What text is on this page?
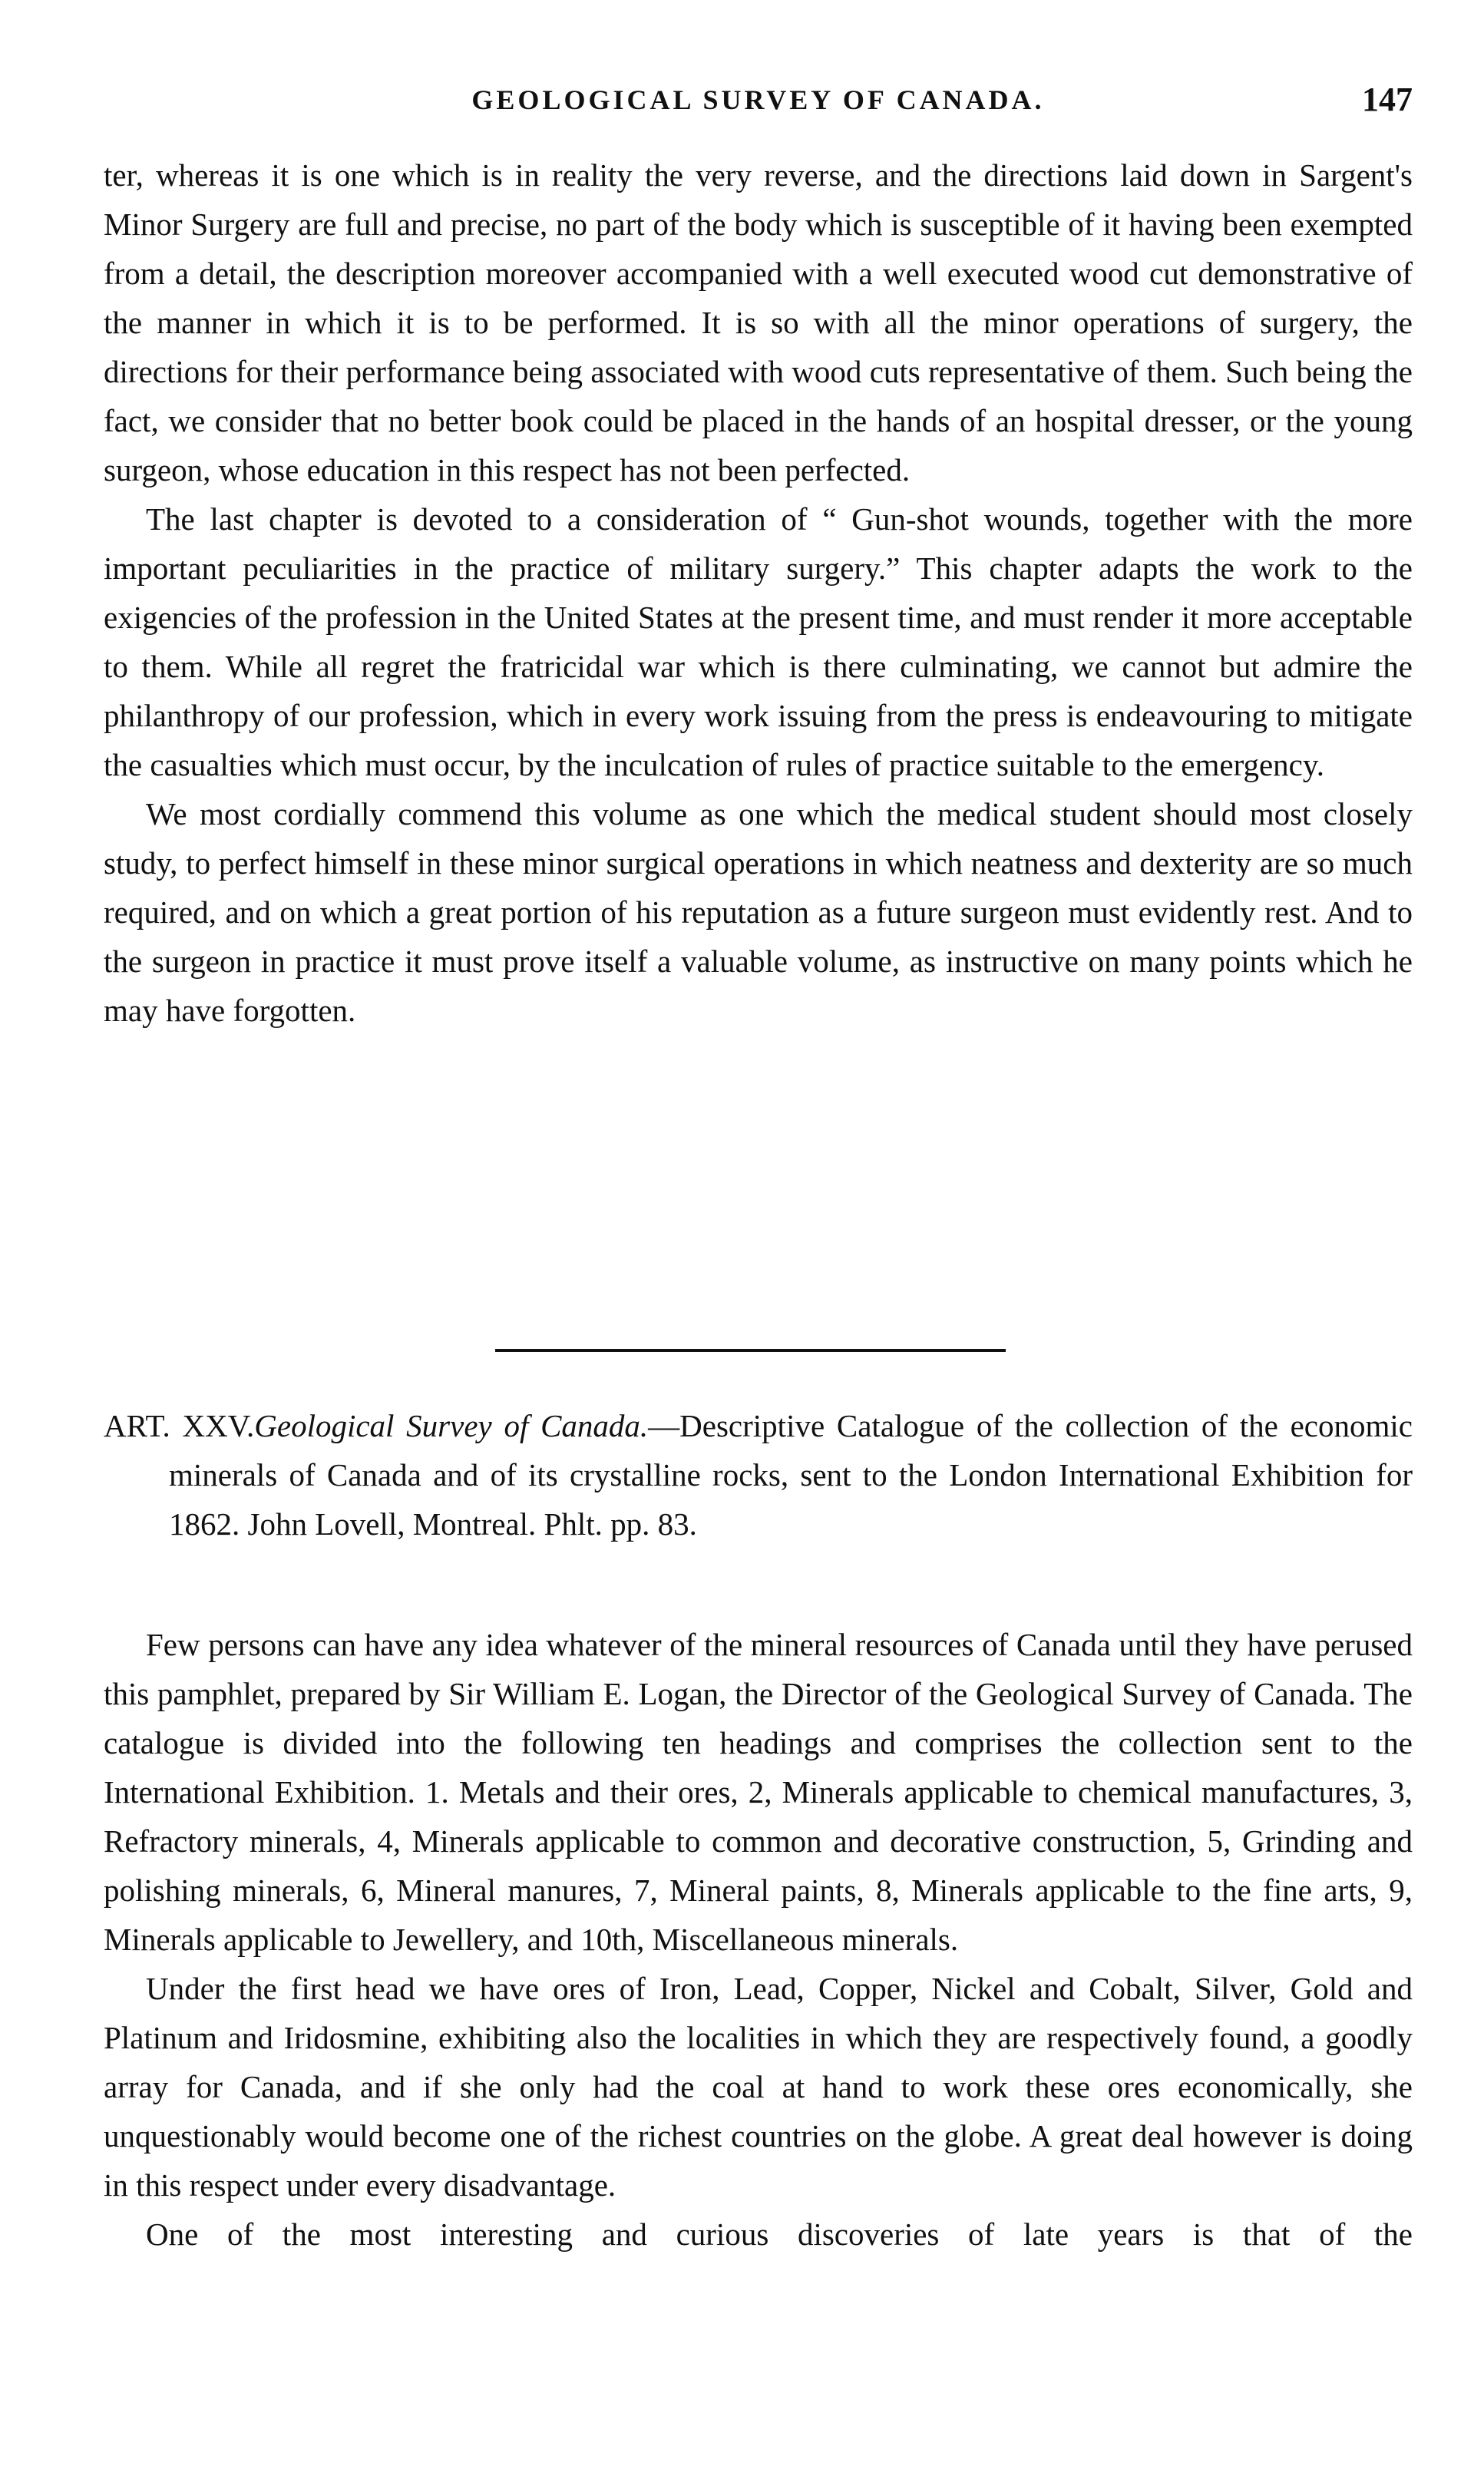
GEOLOGICAL SURVEY OF CANADA.	147

ter, whereas it is one which is in reality the very reverse, and the directions laid down in Sargent's Minor Surgery are full and precise, no part of the body which is susceptible of it having been exempted from a detail, the description moreover accompanied with a well executed wood cut demonstrative of the manner in which it is to be performed. It is so with all the minor operations of surgery, the directions for their performance being associated with wood cuts representative of them. Such being the fact, we consider that no better book could be placed in the hands of an hospital dresser, or the young surgeon, whose education in this respect has not been perfected.

The last chapter is devoted to a consideration of “ Gun-shot wounds, together with the more important peculiarities in the practice of military surgery.” This chapter adapts the work to the exigencies of the profession in the United States at the present time, and must render it more acceptable to them. While all regret the fratricidal war which is there culminating, we cannot but admire the philanthropy of our profession, which in every work issuing from the press is endeavouring to mitigate the casualties which must occur, by the inculcation of rules of practice suitable to the emergency.

We most cordially commend this volume as one which the medical student should most closely study, to perfect himself in these minor surgical operations in which neatness and dexterity are so much required, and on which a great portion of his reputation as a future surgeon must evidently rest. And to the surgeon in practice it must prove itself a valuable volume, as instructive on many points which he may have forgotten.

ART. XXV.Geological Survey of Canada.—Descriptive Catalogue of the collection of the economic minerals of Canada and of its crystalline rocks, sent to the London International Exhibition for 1862. John Lovell, Montreal. Phlt. pp. 83.

Few persons can have any idea whatever of the mineral resources of Canada until they have perused this pamphlet, prepared by Sir William E. Logan, the Director of the Geological Survey of Canada. The catalogue is divided into the following ten headings and comprises the collection sent to the International Exhibition. 1. Metals and their ores, 2, Minerals applicable to chemical manufactures, 3, Refractory minerals, 4, Minerals applicable to common and decorative construction, 5, Grinding and polishing minerals, 6, Mineral manures, 7, Mineral paints, 8, Minerals applicable to the fine arts, 9, Minerals applicable to Jewellery, and 10th, Miscellaneous minerals.

Under the first head we have ores of Iron, Lead, Copper, Nickel and Cobalt, Silver, Gold and Platinum and Iridosmine, exhibiting also the localities in which they are respectively found, a goodly array for Canada, and if she only had the coal at hand to work these ores economically, she unquestionably would become one of the richest countries on the globe. A great deal however is doing in this respect under every disadvantage.

One of the most interesting and curious discoveries of late years is that of the
